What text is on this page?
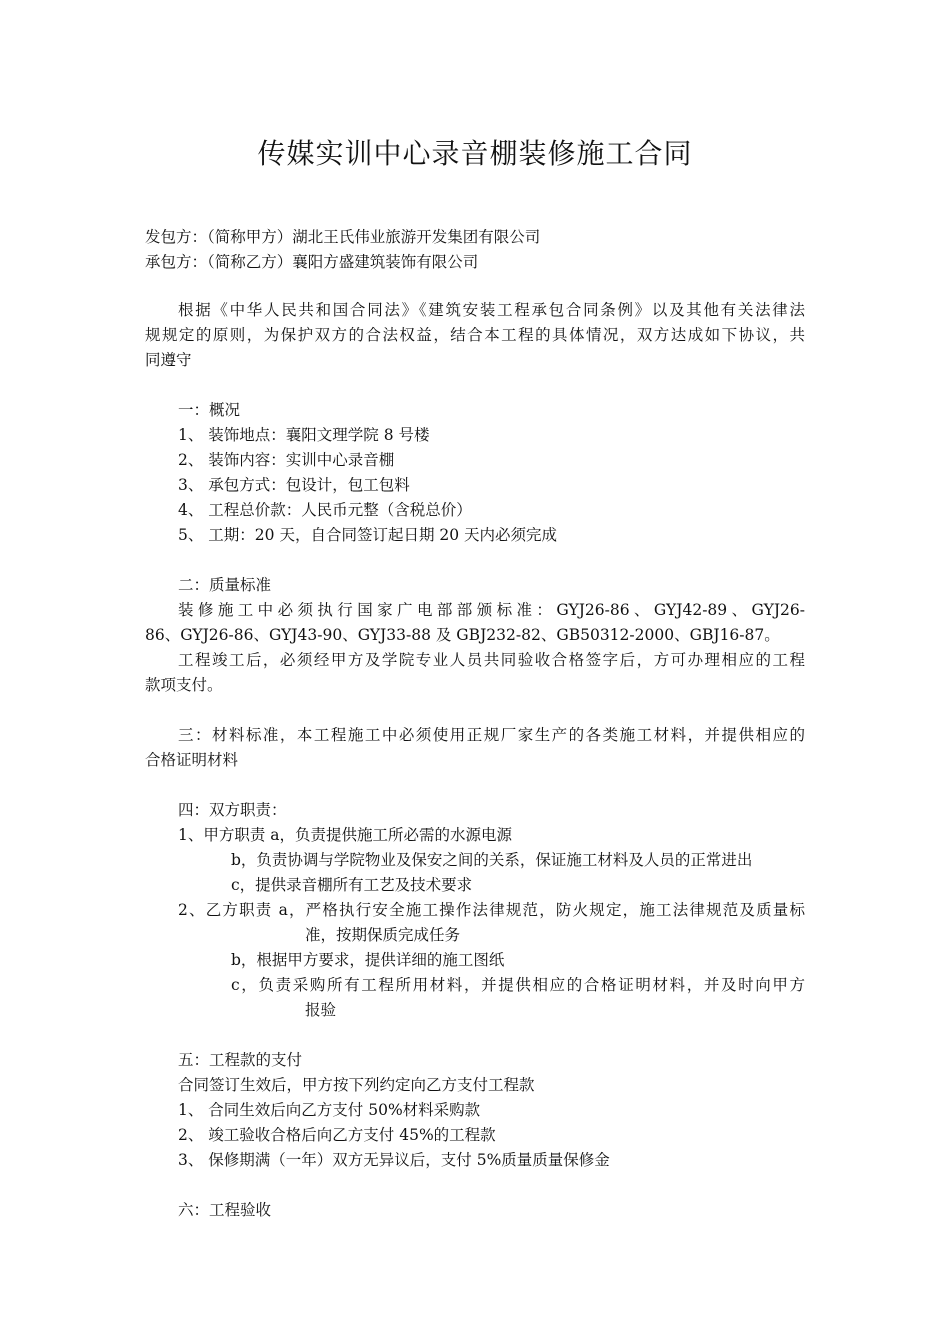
传媒实训中心录音棚装修施工合同
发包方：（简称甲方）湖北王氏伟业旅游开发集团有限公司
承包方：（简称乙方）襄阳方盛建筑装饰有限公司
根据《中华人民共和国合同法》《建筑安装工程承包合同条例》以及其他有关法律法
规规定的原则，为保护双方的合法权益，结合本工程的具体情况，双方达成如下协议，共
同遵守
一：概况
1、 装饰地点：襄阳文理学院 8 号楼
2、 装饰内容：实训中心录音棚
3、 承包方式：包设计，包工包料
4、 工程总价款：人民币元整（含税总价）
5、 工期：20 天，自合同签订起日期 20 天内必须完成
二：质量标准
装修施工中必须执行国家广电部部颁标准：GYJ26-86、GYJ42-89、GYJ26-
86、GYJ26-86、GYJ43-90、GYJ33-88 及 GBJ232-82、GB50312-2000、GBJ16-87。
工程竣工后，必须经甲方及学院专业人员共同验收合格签字后，方可办理相应的工程
款项支付。
三：材料标准，本工程施工中必须使用正规厂家生产的各类施工材料，并提供相应的
合格证明材料
四：双方职责：
1、甲方职责 a，负责提供施工所必需的水源电源
b，负责协调与学院物业及保安之间的关系，保证施工材料及人员的正常进出
c，提供录音棚所有工艺及技术要求
2、乙方职责 a，严格执行安全施工操作法律规范，防火规定，施工法律规范及质量标
准，按期保质完成任务
b，根据甲方要求，提供详细的施工图纸
c，负责采购所有工程所用材料，并提供相应的合格证明材料，并及时向甲方
报验
五：工程款的支付
合同签订生效后，甲方按下列约定向乙方支付工程款
1、 合同生效后向乙方支付 50%材料采购款
2、 竣工验收合格后向乙方支付 45%的工程款
3、 保修期满（一年）双方无异议后，支付 5%质量质量保修金
六：工程验收
